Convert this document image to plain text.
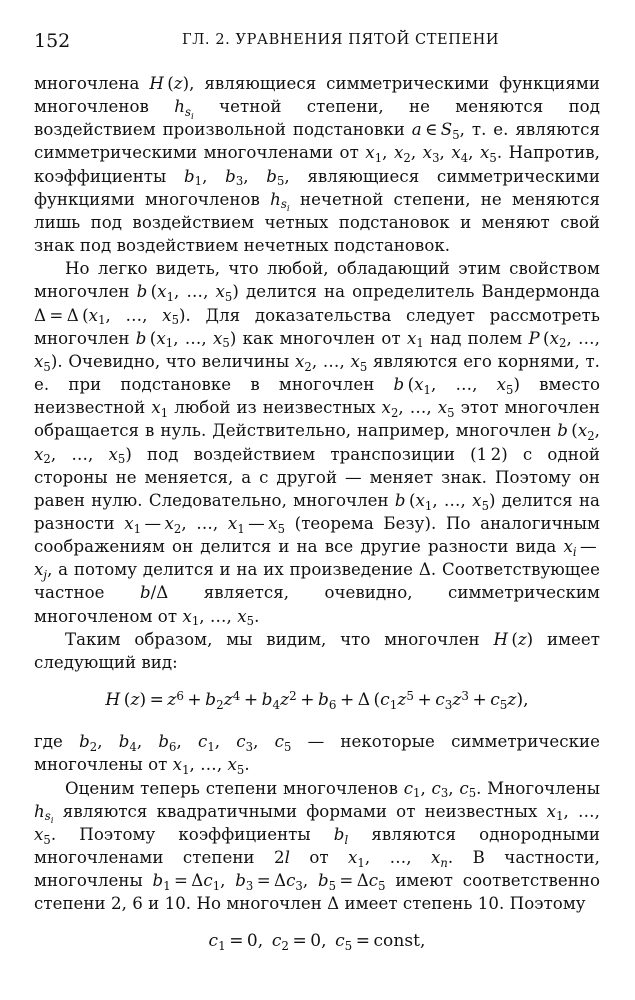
152	ГЛ. 2. УРАВНЕНИЯ ПЯТОЙ СТЕПЕНИ

многочлена H (z), являющиеся симметрическими функциями многочленов $h_{s_i}$ четной степени, не меняются под воздействием произвольной подстановки a ∈ $S_5$, т. е. являются симметрическими многочленами от $x_1$, $x_2$, $x_3$, $x_4$, $x_5$. Напротив, коэффициенты $b_1$, $b_3$, $b_5$, являющиеся симметрическими функциями многочленов $h_{s_i}$ нечетной степени, не меняются лишь под воздействием четных подстановок и меняют свой знак под воздействием нечетных подстановок.

Но легко видеть, что любой, обладающий этим свойством многочлен b ($x_1$, …, $x_5$) делится на определитель Вандермонда Δ = Δ ($x_1$, …, $x_5$). Для доказательства следует рассмотреть многочлен b ($x_1$, …, $x_5$) как многочлен от $x_1$ над полем P ($x_2$, …, $x_5$). Очевидно, что величины $x_2$, …, $x_5$ являются его корнями, т. е. при подстановке в многочлен b ($x_1$, …, $x_5$) вместо неизвестной $x_1$ любой из неизвестных $x_2$, …, $x_5$ этот многочлен обращается в нуль. Действительно, например, многочлен b ($x_2$, $x_2$, …, $x_5$) под воздействием транспозиции (1 2) с одной стороны не меняется, а с другой — меняет знак. Поэтому он равен нулю. Следовательно, многочлен b ($x_1$, …, $x_5$) делится на разности $x_1$ — $x_2$, …, $x_1$ — $x_5$ (теорема Безу). По аналогичным соображениям он делится и на все другие разности вида $x_i$ — $x_j$, а потому делится и на их произведение Δ. Соответствующее частное b/Δ является, очевидно, симметрическим многочленом от $x_1$, …, $x_5$.

Таким образом, мы видим, что многочлен H (z) имеет следующий вид:

H $(z) = z^6 + b_2z^4 + b_4z^2 + b_6 + \Delta$ $(c_1z^5 + c_3z^3 + c_5z)$,

где $b_2$, $b_4$, $b_6$, $c_1$, $c_3$, $c_5$ — некоторые симметрические многочлены от $x_1$, …, $x_5$.

Оценим теперь степени многочленов $c_1$, $c_3$, $c_5$. Многочлены $h_{s_i}$ являются квадратичными формами от неизвестных $x_1$, …, $x_5$. Поэтому коэффициенты $b_l$ являются однородными многочленами степени 2l от $x_1$, …, $x_n$. В частности, многочлены $b_1 = \Delta c_1$, $b_3 = \Delta c_3$, $b_5 = \Delta c_5$ имеют соответственно степени 2, 6 и 10. Но многочлен Δ имеет степень 10. Поэтому

$c_1 = 0$, $c_2 = 0$, $c_5$ = const,
